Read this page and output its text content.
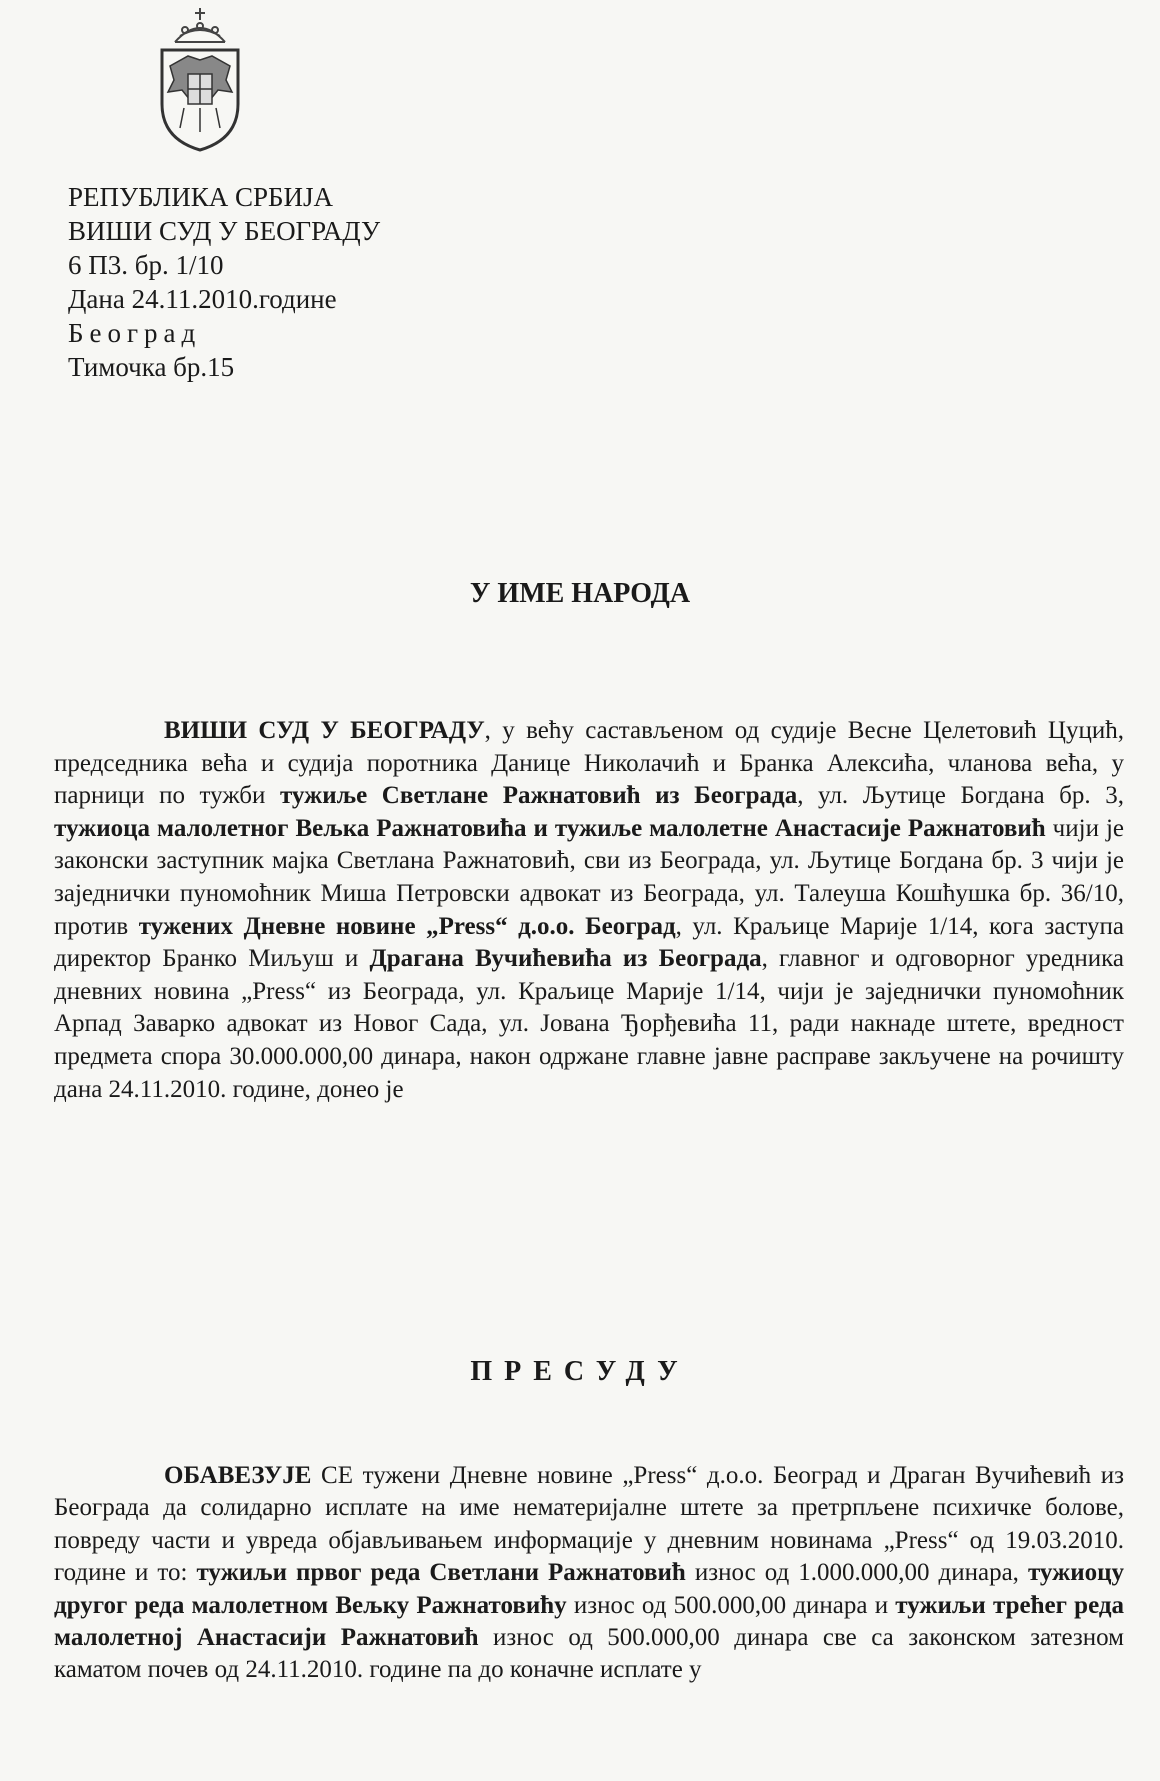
РЕПУБЛИКА СРБИЈА
ВИШИ СУД У БЕОГРАДУ
6 П3. бр. 1/10
Дана 24.11.2010.године
Београд
Тимочка бр.15
У ИМЕ НАРОДА
ВИШИ СУД У БЕОГРАДУ, у већу састављеном од судије Весне Целетовић Цуцић, председника већа и судија поротника Данице Николачић и Бранка Алексића, чланова већа, у парници по тужби тужиље Светлане Ражнатовић из Београда, ул. Љутице Богдана бр. 3, тужиоца малолетног Вељка Ражнатовића и тужиље малолетне Анастасије Ражнатовић чији је законски заступник мајка Светлана Ражнатовић, сви из Београда, ул. Љутице Богдана бр. 3 чији је заједнички пуномоћник Миша Петровски адвокат из Београда, ул. Талеуша Кошћушка бр. 36/10, против тужених Дневне новине „Press“ д.о.о. Београд, ул. Краљице Марије 1/14, кога заступа директор Бранко Миљуш и Драгана Вучићевића из Београда, главног и одговорног уредника дневних новина „Press“ из Београда, ул. Краљице Марије 1/14, чији је заједнички пуномоћник Арпад Заварко адвокат из Новог Сада, ул. Јована Ђорђевића 11, ради накнаде штете, вредност предмета спора 30.000.000,00 динара, након одржане главне јавне расправе закључене на рочишту дана 24.11.2010. године, донео је
ПРЕСУДУ
ОБАВЕЗУЈЕ СЕ тужени Дневне новине „Press“ д.о.о. Београд и Драган Вучићевић из Београда да солидарно исплате на име нематеријалне штете за претрпљене психичке болове, повреду части и увреда објављивањем информације у дневним новинама „Press“ од 19.03.2010. године и то: тужиљи првог реда Светлани Ражнатовић износ од 1.000.000,00 динара, тужиоцу другог реда малолетном Вељку Ражнатовићу износ од 500.000,00 динара и тужиљи трећег реда малолетној Анастасији Ражнатовић износ од 500.000,00 динара све са законском затезном каматом почев од 24.11.2010. године па до коначне исплате у
